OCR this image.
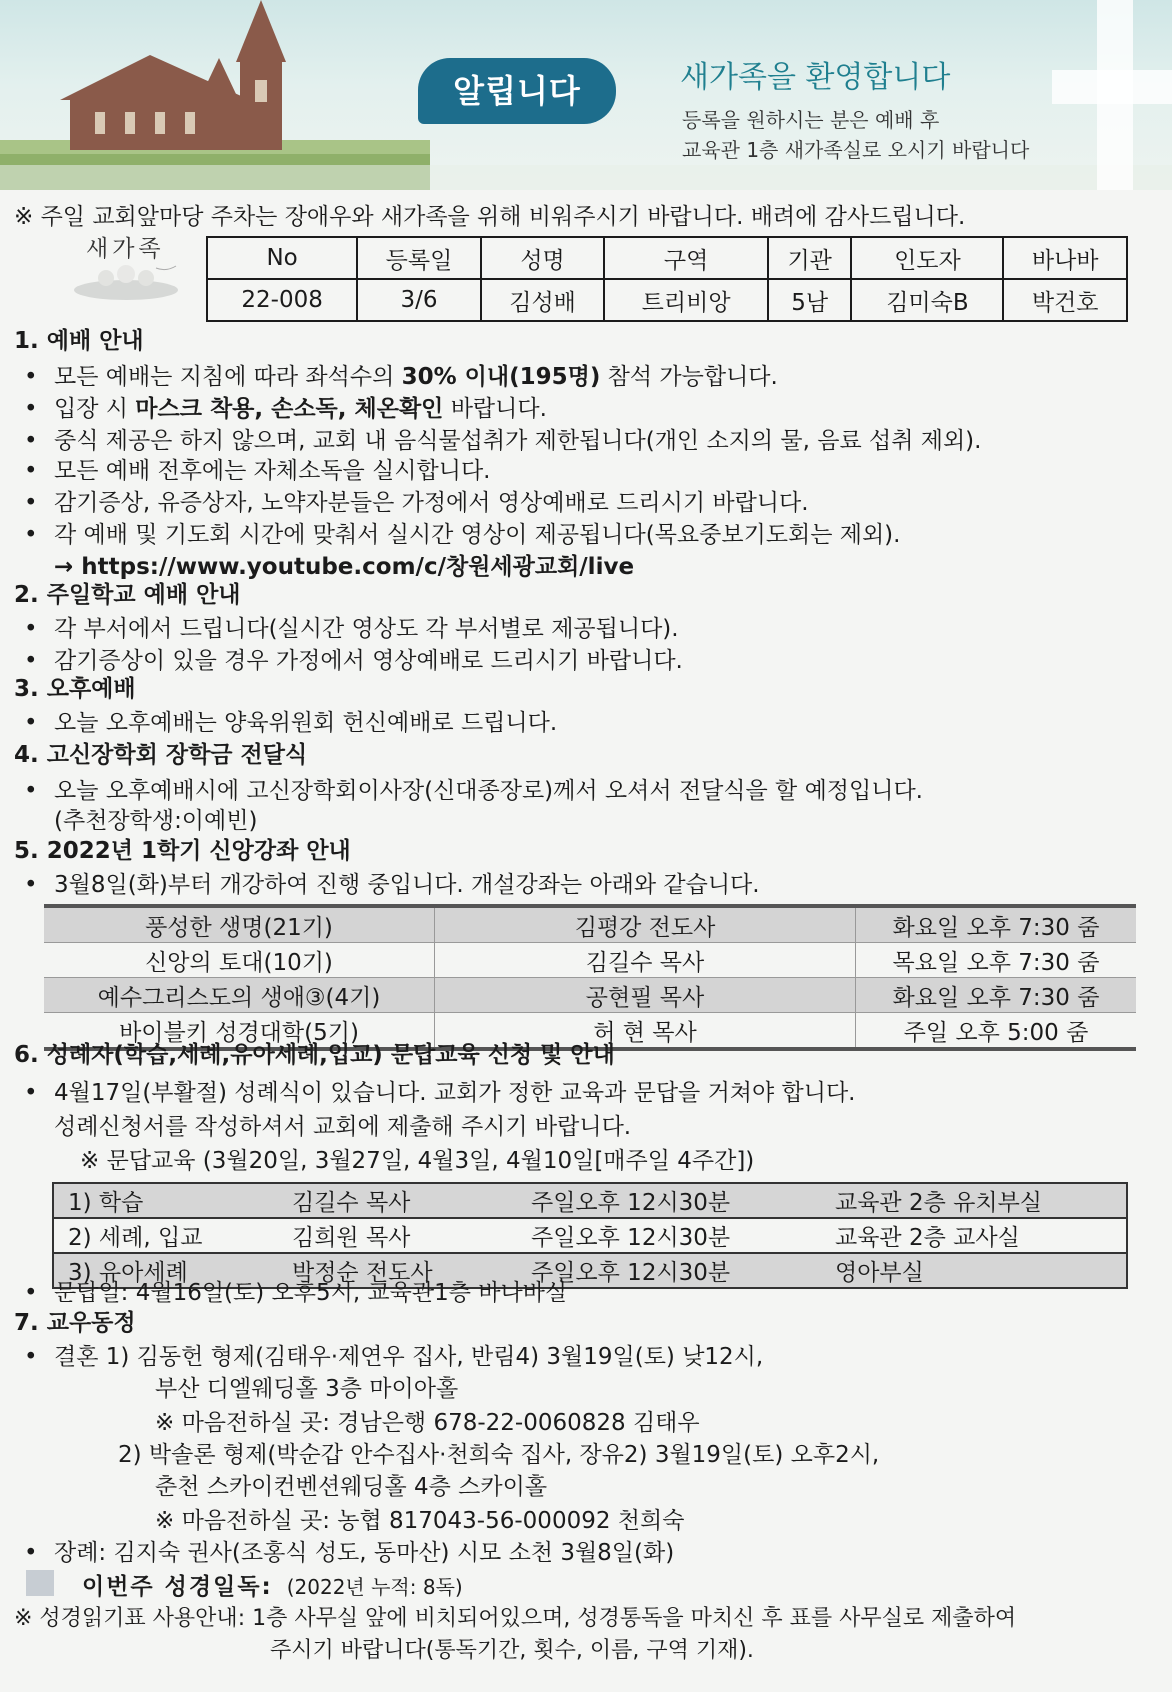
알립니다	새가족을 환영합니다
등록을 원하시는 분은 예배 후
교육관 1층 새가족실로 오시기 바랍니다
※ 주일 교회앞마당 주차는 장애우와 새가족을 위해 비워주시기 바랍니다. 배려에 감사드립니다.
새가족	No	등록일	성명	구역	기관	인도자	바나바
22-008	3/6	김성배	트리비앙	5남	김미숙B	박건호
1. 예배 안내
• 모든 예배는 지침에 따라 좌석수의 30% 이내(195명) 참석 가능합니다.
• 입장 시 마스크 착용, 손소독, 체온확인 바랍니다.
• 중식 제공은 하지 않으며, 교회 내 음식물섭취가 제한됩니다(개인 소지의 물, 음료 섭취 제외).
• 모든 예배 전후에는 자체소독을 실시합니다.
• 감기증상, 유증상자, 노약자분들은 가정에서 영상예배로 드리시기 바랍니다.
• 각 예배 및 기도회 시간에 맞춰서 실시간 영상이 제공됩니다(목요중보기도회는 제외).
→ https://www.youtube.com/c/창원세광교회/live
2. 주일학교 예배 안내
• 각 부서에서 드립니다(실시간 영상도 각 부서별로 제공됩니다).
• 감기증상이 있을 경우 가정에서 영상예배로 드리시기 바랍니다.
3. 오후예배
• 오늘 오후예배는 양육위원회 헌신예배로 드립니다.
4. 고신장학회 장학금 전달식
• 오늘 오후예배시에 고신장학회이사장(신대종장로)께서 오셔서 전달식을 할 예정입니다.
(추천장학생:이예빈)
5. 2022년 1학기 신앙강좌 안내
• 3월8일(화)부터 개강하여 진행 중입니다. 개설강좌는 아래와 같습니다.
풍성한 생명(21기)	김평강 전도사	화요일 오후 7:30 줌
신앙의 토대(10기)	김길수 목사	목요일 오후 7:30 줌
예수그리스도의 생애③(4기)	공현필 목사	화요일 오후 7:30 줌
바이블키 성경대학(5기)	허 현 목사	주일 오후 5:00 줌
6. 성례자(학습,세례,유아세례,입교) 문답교육 신청 및 안내
• 4월17일(부활절) 성례식이 있습니다. 교회가 정한 교육과 문답을 거쳐야 합니다.
성례신청서를 작성하셔서 교회에 제출해 주시기 바랍니다.
※ 문답교육 (3월20일, 3월27일, 4월3일, 4월10일[매주일 4주간])
1) 학습	김길수 목사	주일오후 12시30분	교육관 2층 유치부실
2) 세례, 입교	김희원 목사	주일오후 12시30분	교육관 2층 교사실
3) 유아세례	박정순 전도사	주일오후 12시30분	영아부실
• 문답일: 4월16일(토) 오후5시, 교육관1층 바나바실
7. 교우동정
• 결혼 1) 김동헌 형제(김태우·제연우 집사, 반림4) 3월19일(토) 낮12시,
부산 디엘웨딩홀 3층 마이아홀
※ 마음전하실 곳: 경남은행 678-22-0060828 김태우
2) 박솔론 형제(박순갑 안수집사·천희숙 집사, 장유2) 3월19일(토) 오후2시,
춘천 스카이컨벤션웨딩홀 4층 스카이홀
※ 마음전하실 곳: 농협 817043-56-000092 천희숙
• 장례: 김지숙 권사(조홍식 성도, 동마산) 시모 소천 3월8일(화)
이번주 성경일독: (2022년 누적: 8독)
※ 성경읽기표 사용안내: 1층 사무실 앞에 비치되어있으며, 성경통독을 마치신 후 표를 사무실로 제출하여
주시기 바랍니다(통독기간, 횟수, 이름, 구역 기재).
